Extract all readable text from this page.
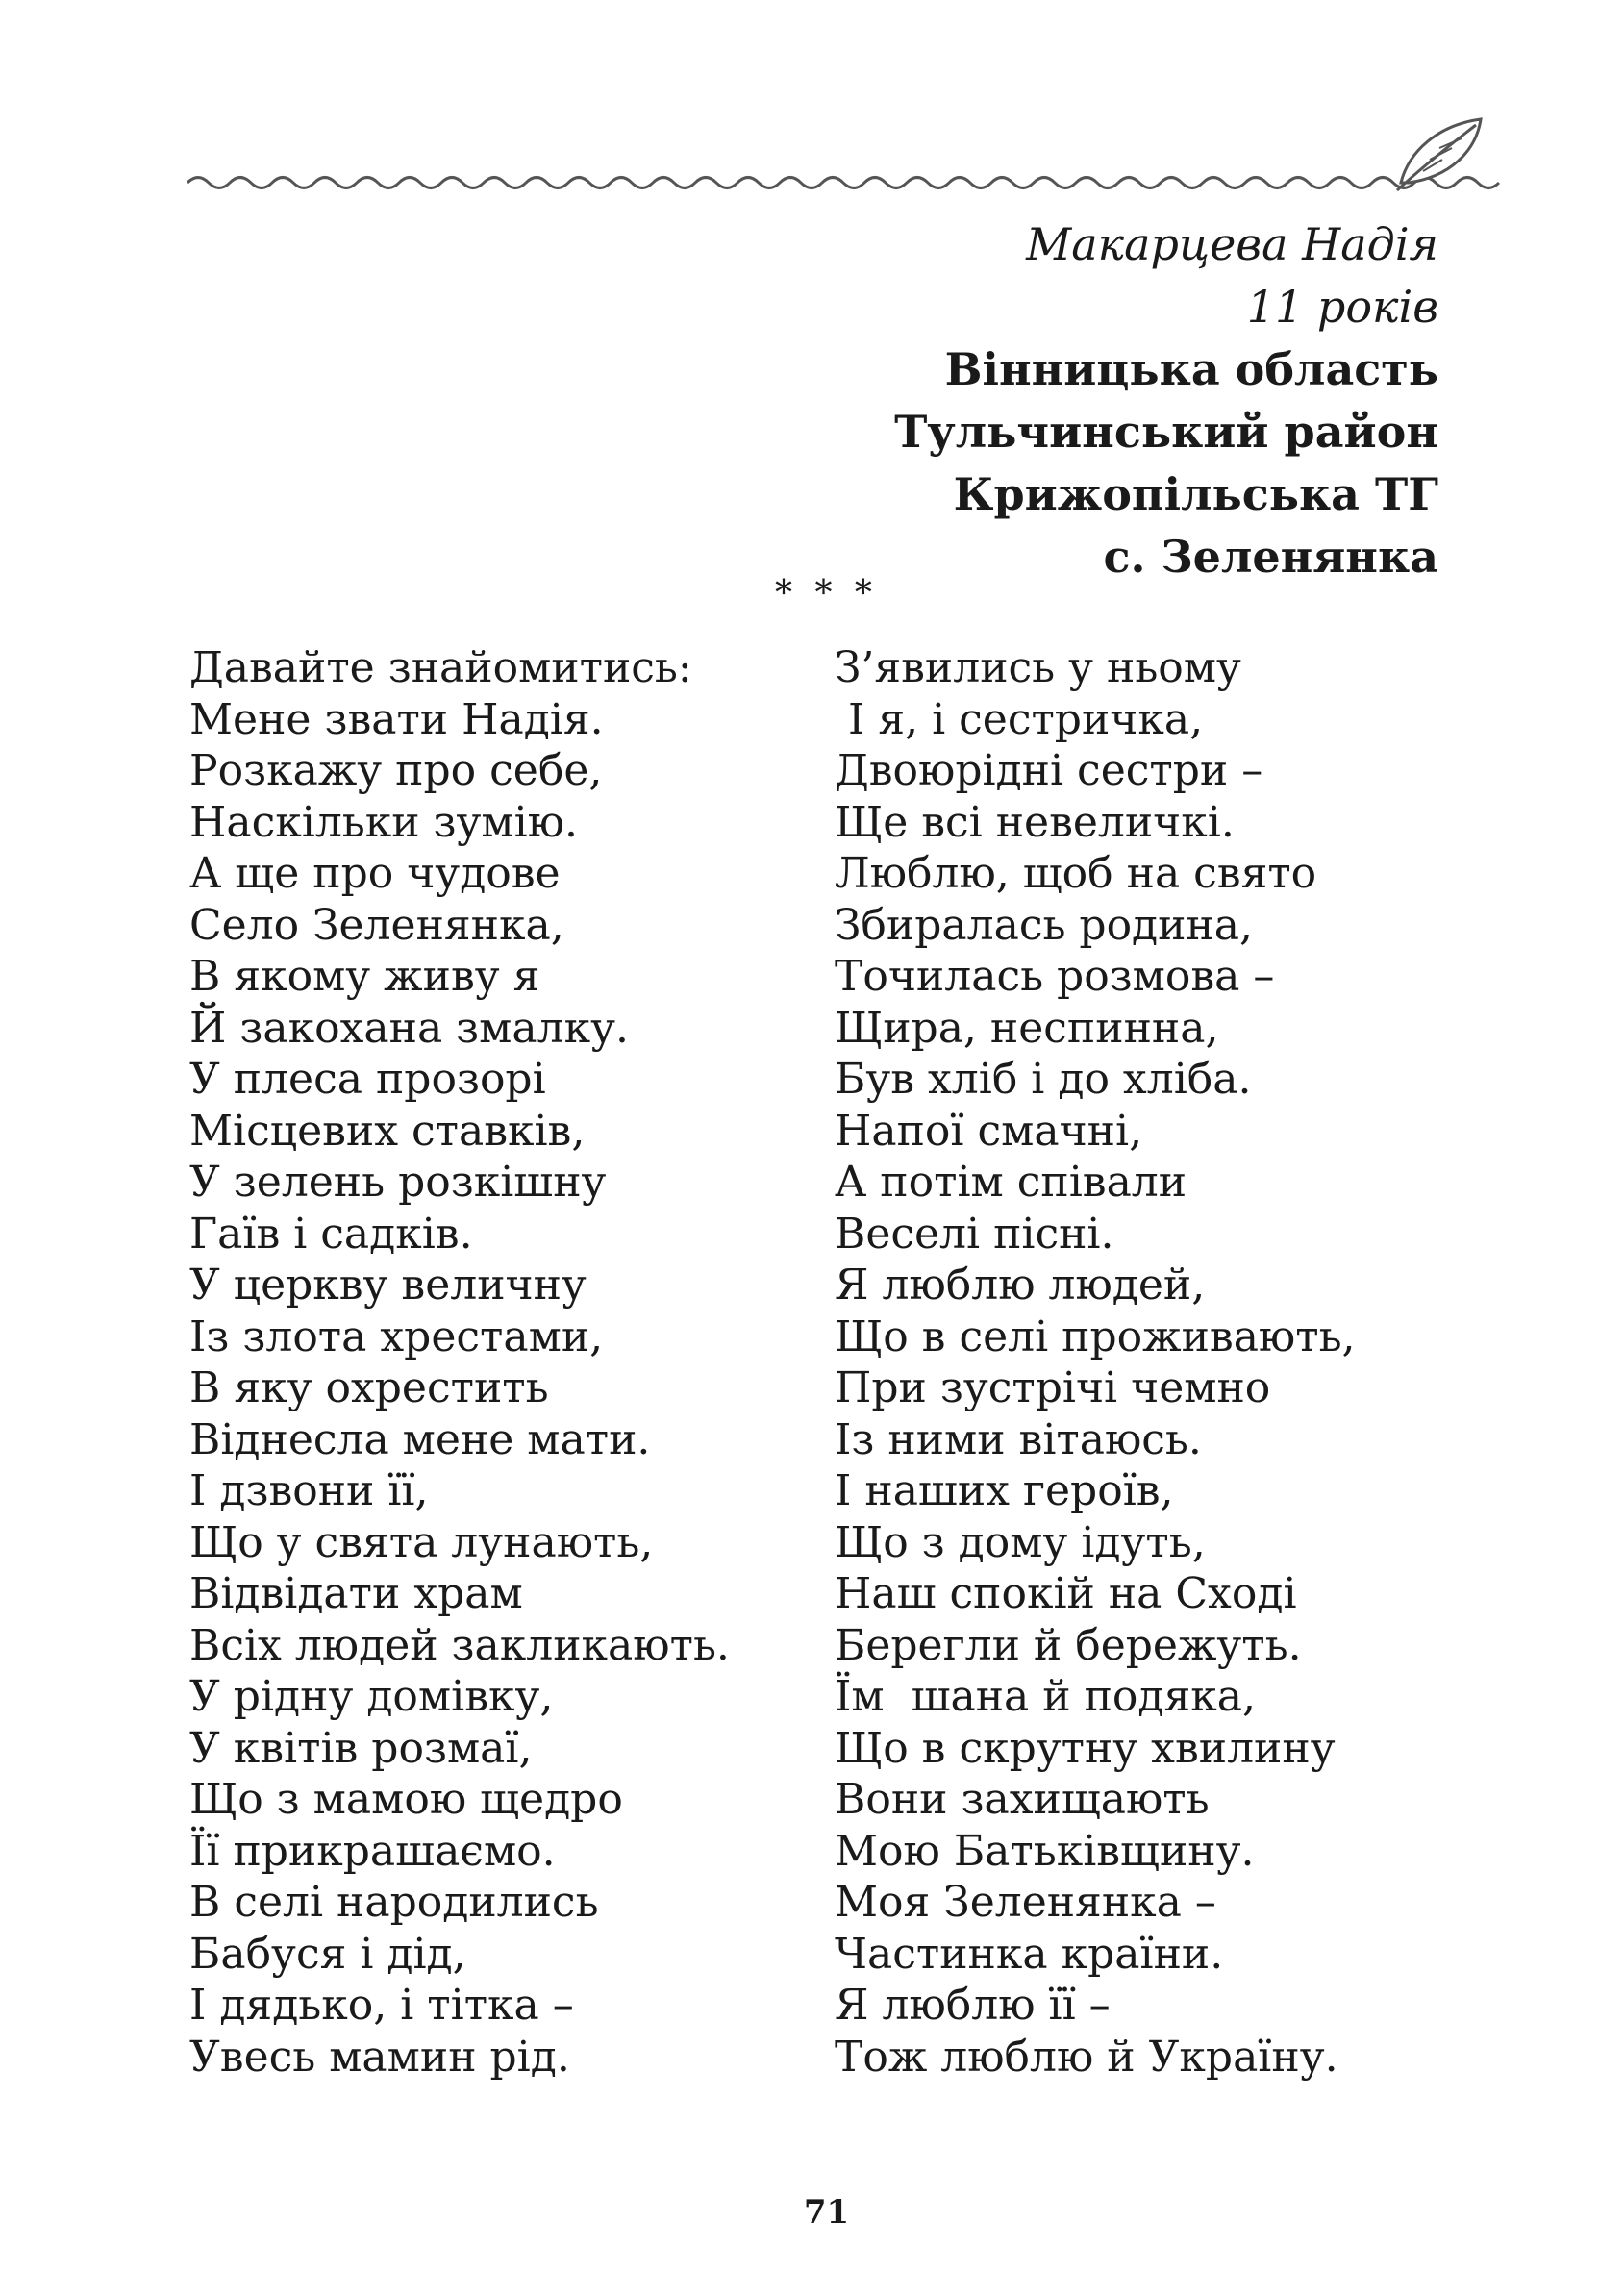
Макарцева Надія
11 років
Вінницька область
Тульчинський район
Крижопільська ТГ
с. Зеленянка
* * *
Давайте знайомитись:
Мене звати Надія.
Розкажу про себе,
Наскільки зумію.
А ще про чудове
Село Зеленянка,
В якому живу я
Й закохана змалку.
У плеса прозорі
Місцевих ставків,
У зелень розкішну
Гаїв і садків.
У церкву величну
Із злота хрестами,
В яку охрестить
Віднесла мене мати.
І дзвони її,
Що у свята лунають,
Відвідати храм
Всіх людей закликають.
У рідну домівку,
У квітів розмаї,
Що з мамою щедро
Її прикрашаємо.
В селі народились
Бабуся і дід,
І дядько, і тітка –
Увесь мамин рід.
З’явились у ньому
І я, і сестричка,
Двоюрідні сестри –
Ще всі невеличкі.
Люблю, щоб на свято
Збиралась родина,
Точилась розмова –
Щира, неспинна,
Був хліб і до хліба.
Напої смачні,
А потім співали
Веселі пісні.
Я люблю людей,
Що в селі проживають,
При зустрічі чемно
Із ними вітаюсь.
І наших героїв,
Що з дому ідуть,
Наш спокій на Сході
Берегли й бережуть.
Їм  шана й подяка,
Що в скрутну хвилину
Вони захищають
Мою Батьківщину.
Моя Зеленянка –
Частинка країни.
Я люблю її –
Тож люблю й Україну.
71
